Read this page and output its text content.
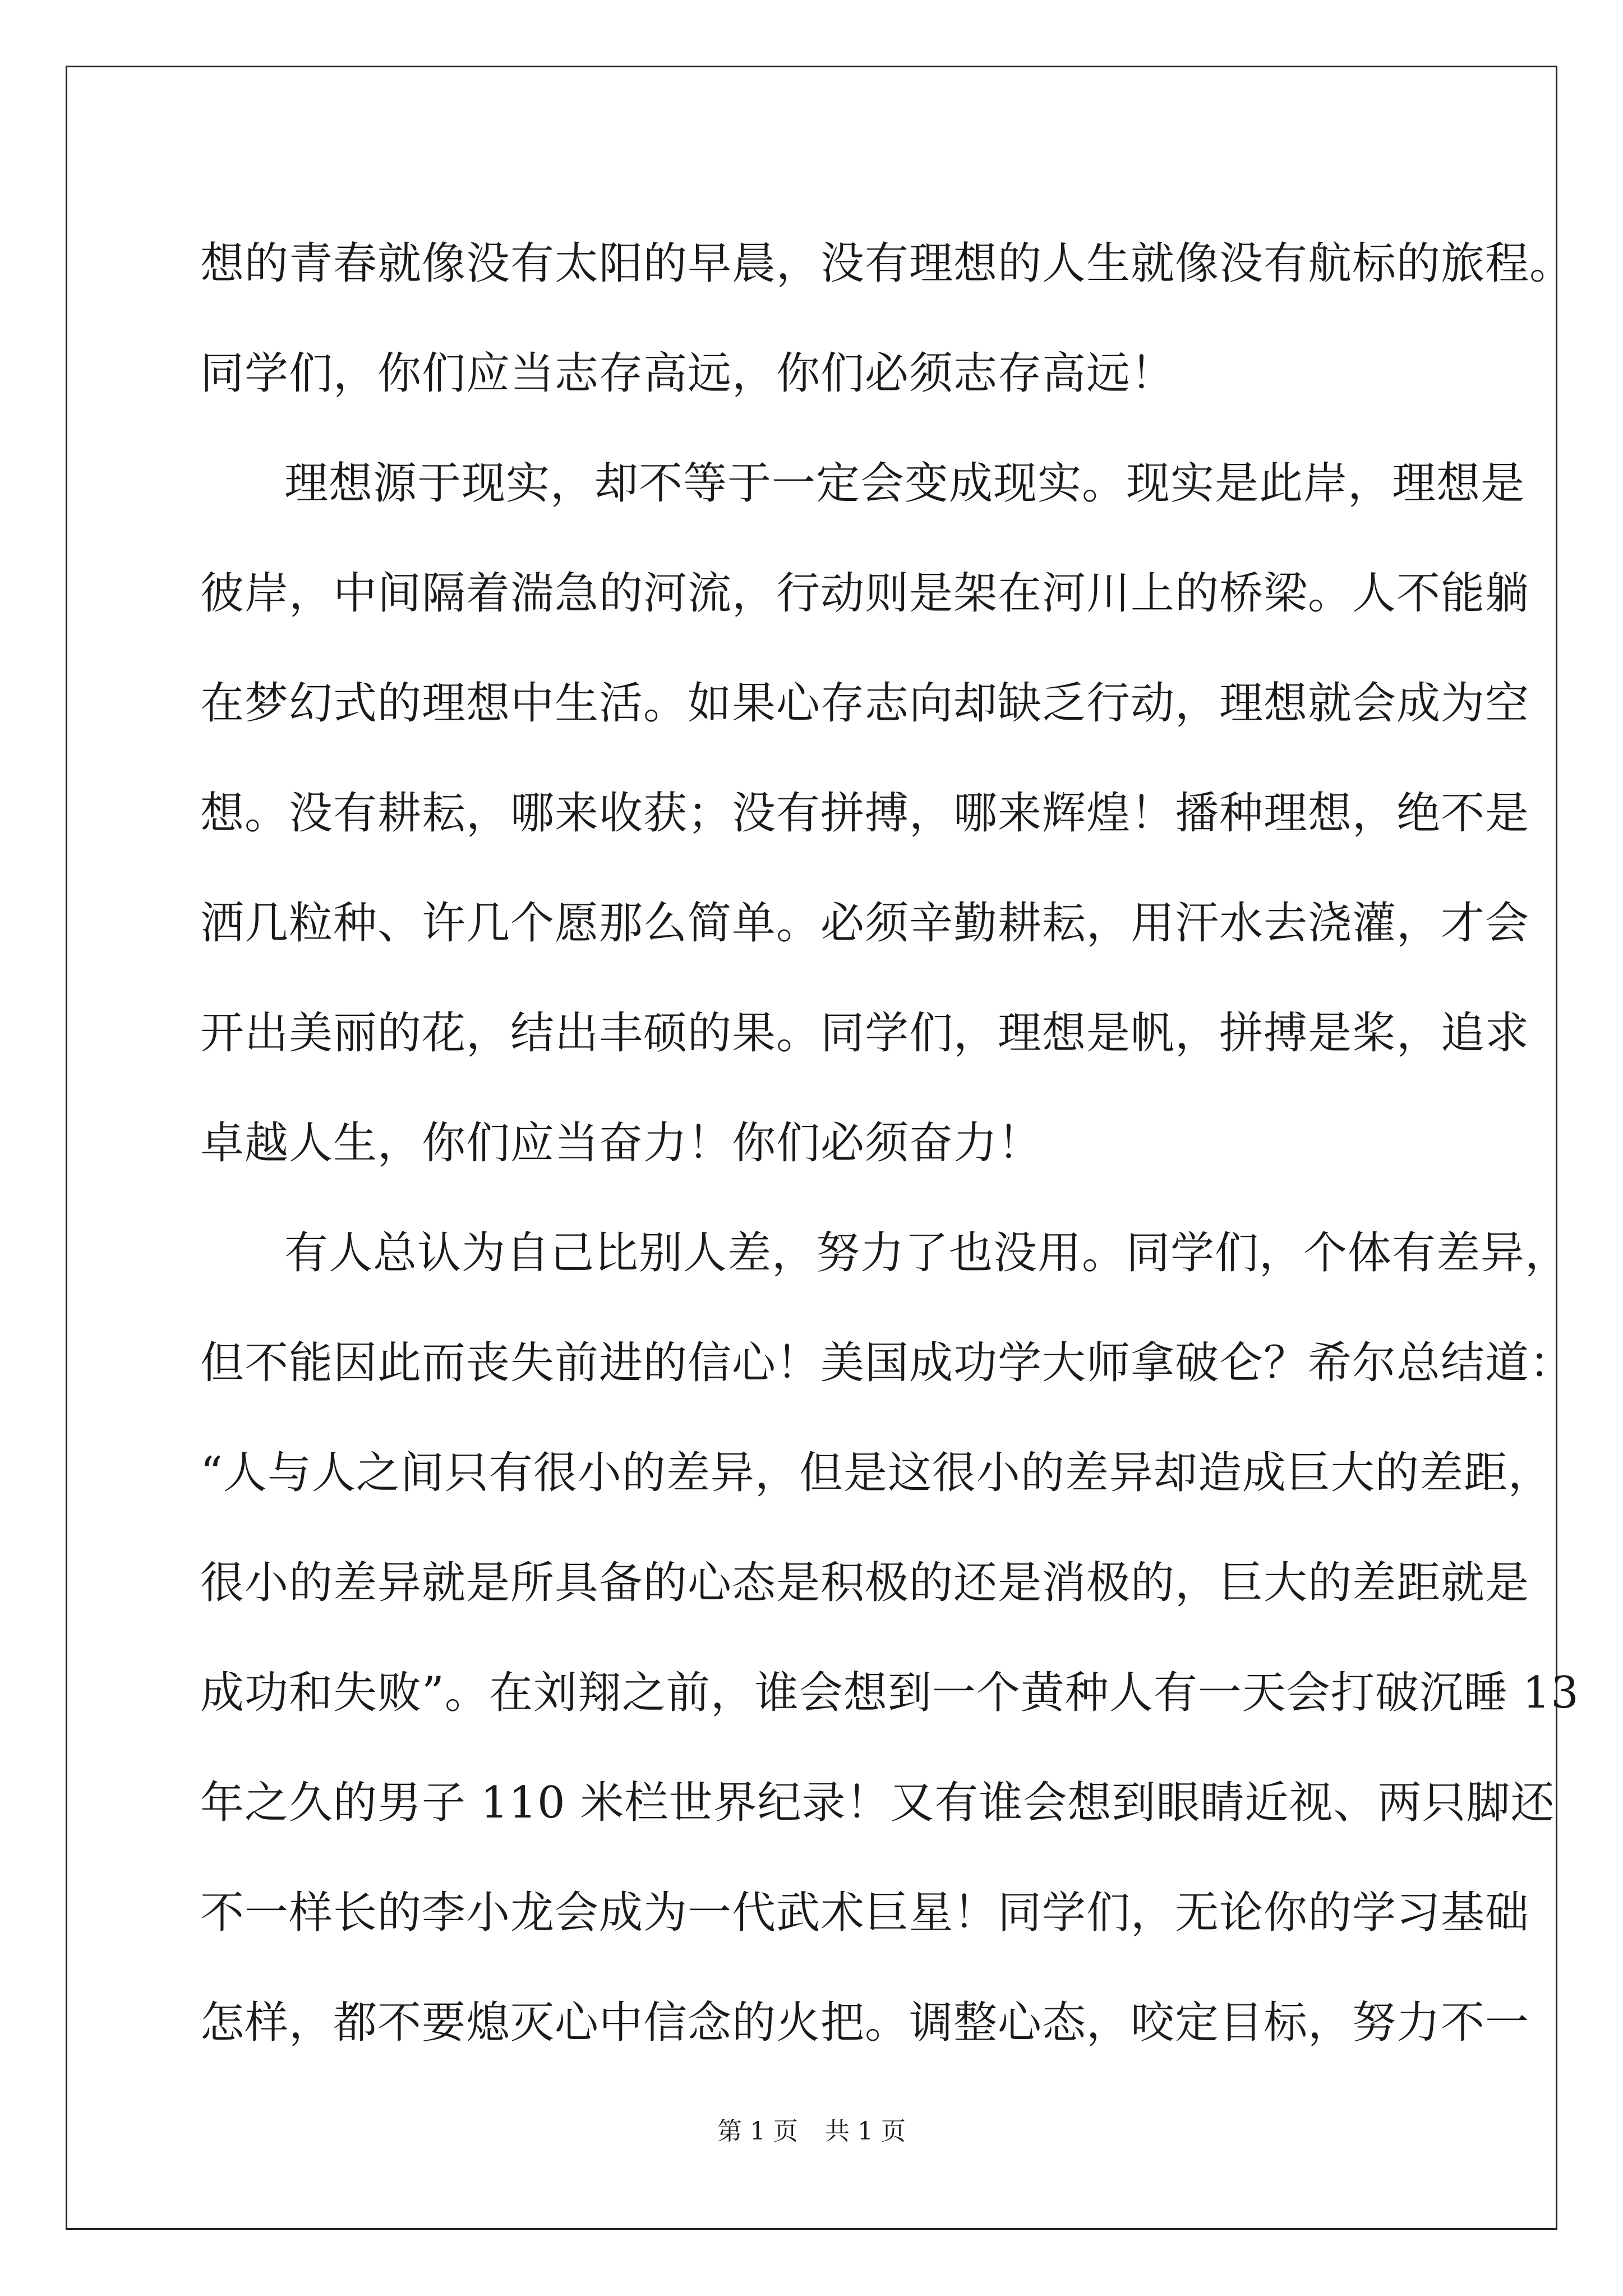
想的青春就像没有太阳的早晨，没有理想的人生就像没有航标的旅程。
同学们，你们应当志存高远，你们必须志存高远！
理想源于现实，却不等于一定会变成现实。现实是此岸，理想是
彼岸，中间隔着湍急的河流，行动则是架在河川上的桥梁。人不能躺
在梦幻式的理想中生活。如果心存志向却缺乏行动，理想就会成为空
想。没有耕耘，哪来收获；没有拼搏，哪来辉煌！播种理想，绝不是
洒几粒种、许几个愿那么简单。必须辛勤耕耘，用汗水去浇灌，才会
开出美丽的花，结出丰硕的果。同学们，理想是帆，拼搏是桨，追求
卓越人生，你们应当奋力！你们必须奋力！
有人总认为自己比别人差，努力了也没用。同学们，个体有差异，
但不能因此而丧失前进的信心！美国成功学大师拿破仑？希尔总结道：
“人与人之间只有很小的差异，但是这很小的差异却造成巨大的差距，
很小的差异就是所具备的心态是积极的还是消极的，巨大的差距就是
成功和失败”。在刘翔之前，谁会想到一个黄种人有一天会打破沉睡 13
年之久的男子 110 米栏世界纪录！又有谁会想到眼睛近视、两只脚还
不一样长的李小龙会成为一代武术巨星！同学们，无论你的学习基础
怎样，都不要熄灭心中信念的火把。调整心态，咬定目标，努力不一
第 1 页 共 1 页
